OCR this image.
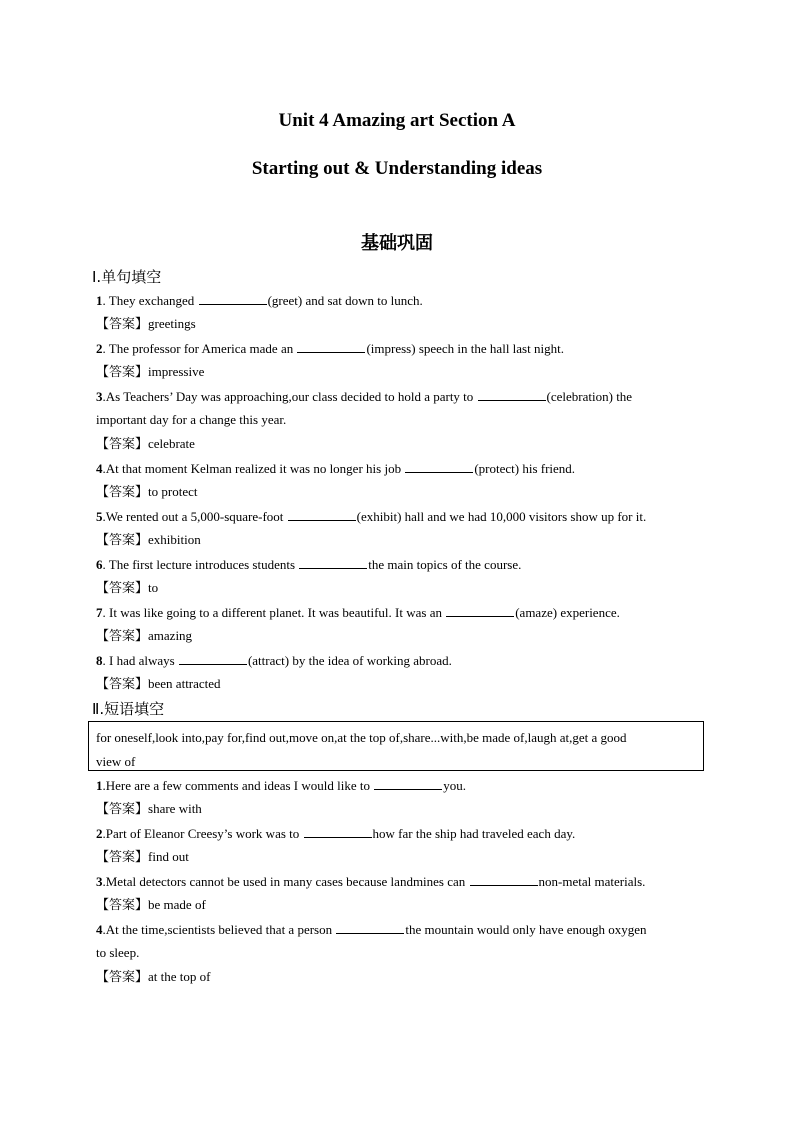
Unit 4 Amazing art Section A
Starting out & Understanding ideas
基础巩固

Ⅰ.单句填空

1. They exchanged	(greet) and sat down to lunch.

【答案】greetings

2. The professor for America made an	(impress) speech in the hall last night.

【答案】impressive

3.As Teachers’ Day was approaching,our class decided to hold a party to	(celebration) the

important day for a change this year.

【答案】celebrate

4.At that moment Kelman realized it was no longer his job	(protect) his friend.

【答案】to protect

5.We rented out a 5,000-square-foot	(exhibit) hall and we had 10,000 visitors show up for it.

【答案】exhibition

6. The first lecture introduces students	the main topics of the course.

【答案】to

7. It was like going to a different planet. It was beautiful. It was an	(amaze) experience.

【答案】amazing

8. I had always	(attract) by the idea of working abroad.

【答案】been attracted

Ⅱ.短语填空

for oneself,look into,pay for,find out,move on,at the top of,share...with,be made of,laugh at,get a good
view of

1.Here are a few comments and ideas I would like to	you.

【答案】share with

2.Part of Eleanor Creesy’s work was to	how far the ship had traveled each day.

【答案】find out

3.Metal detectors cannot be used in many cases because landmines can	non-metal materials.

【答案】be made of

4.At the time,scientists believed that a person	the mountain would only have enough oxygen

to sleep.

【答案】at the top of
